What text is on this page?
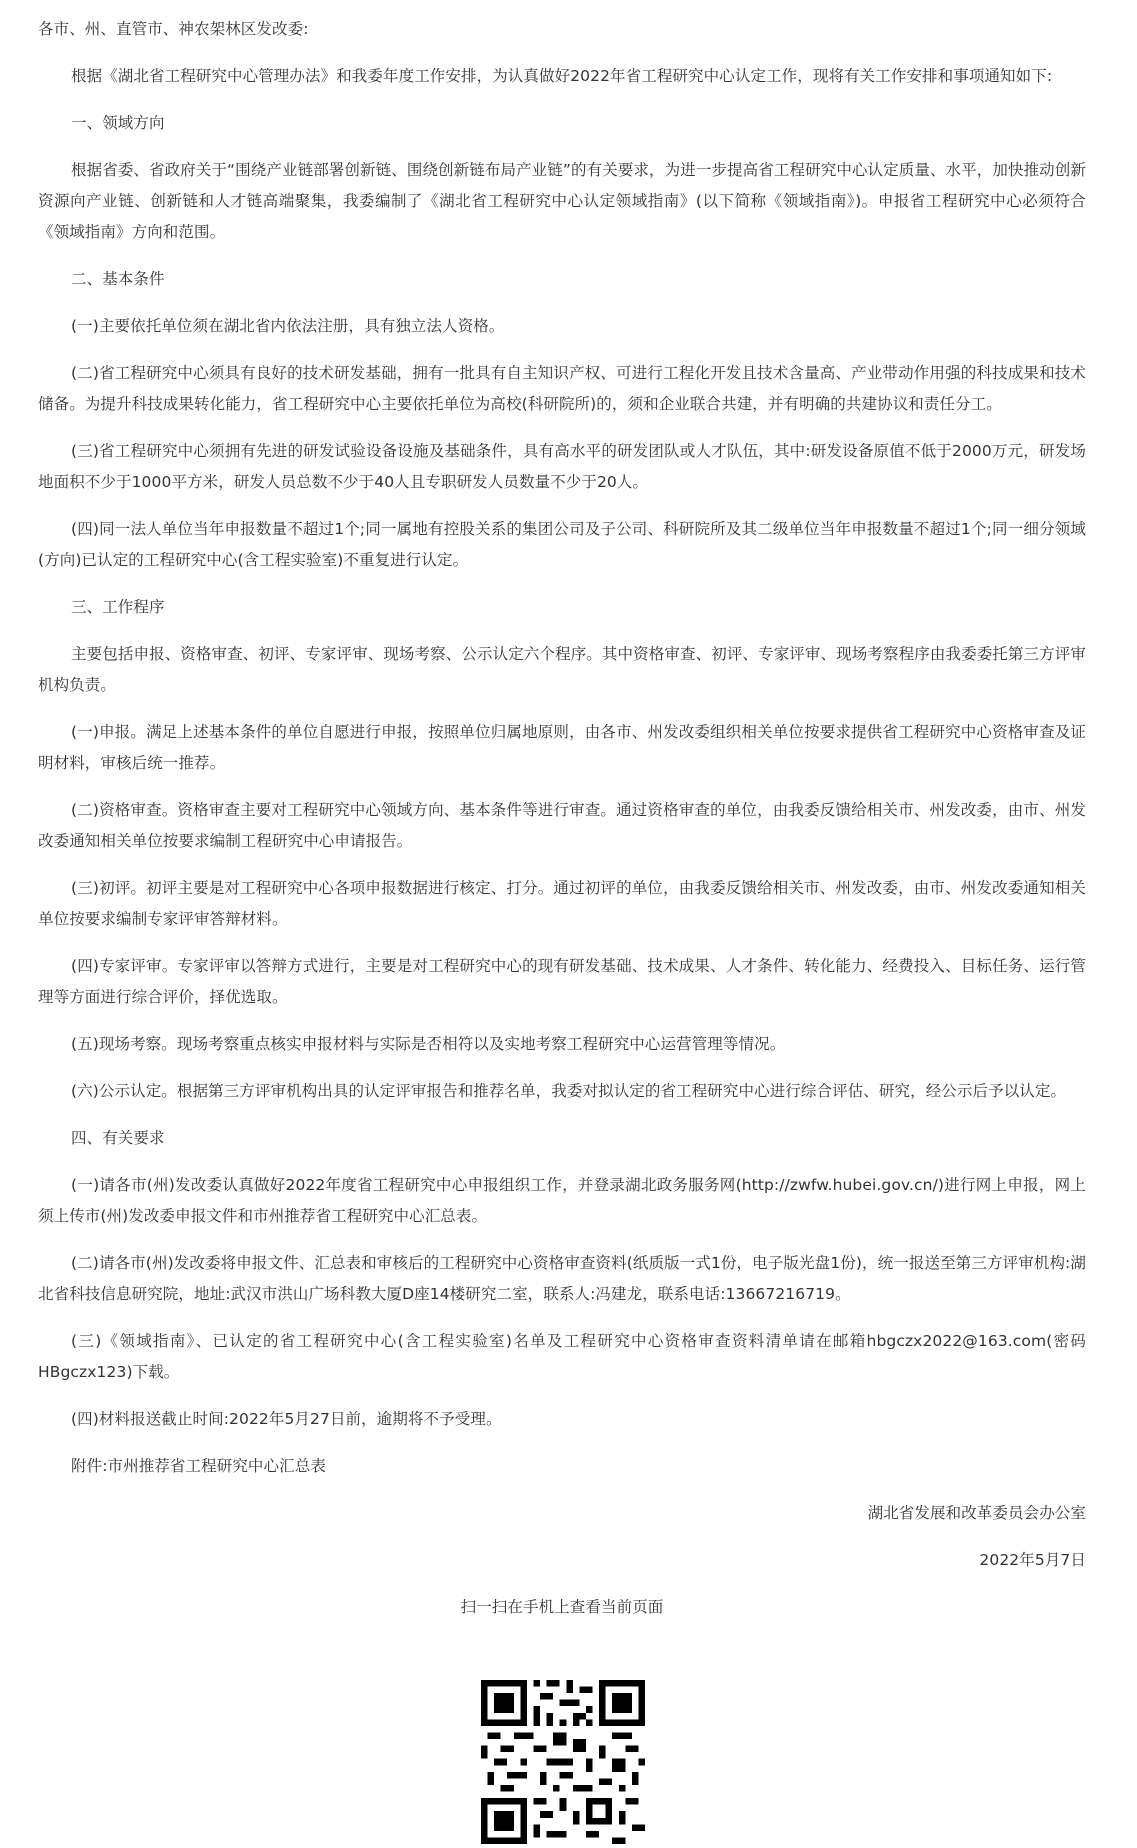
各市、州、直管市、神农架林区发改委:

根据《湖北省工程研究中心管理办法》和我委年度工作安排，为认真做好2022年省工程研究中心认定工作，现将有关工作安排和事项通知如下:

一、领域方向

根据省委、省政府关于“围绕产业链部署创新链、围绕创新链布局产业链”的有关要求，为进一步提高省工程研究中心认定质量、水平，加快推动创新资源向产业链、创新链和人才链高端聚集，我委编制了《湖北省工程研究中心认定领域指南》(以下简称《领域指南》)。申报省工程研究中心必须符合《领域指南》方向和范围。

二、基本条件

(一)主要依托单位须在湖北省内依法注册，具有独立法人资格。

(二)省工程研究中心须具有良好的技术研发基础，拥有一批具有自主知识产权、可进行工程化开发且技术含量高、产业带动作用强的科技成果和技术储备。为提升科技成果转化能力，省工程研究中心主要依托单位为高校(科研院所)的，须和企业联合共建，并有明确的共建协议和责任分工。

(三)省工程研究中心须拥有先进的研发试验设备设施及基础条件，具有高水平的研发团队或人才队伍，其中:研发设备原值不低于2000万元，研发场地面积不少于1000平方米，研发人员总数不少于40人且专职研发人员数量不少于20人。

(四)同一法人单位当年申报数量不超过1个;同一属地有控股关系的集团公司及子公司、科研院所及其二级单位当年申报数量不超过1个;同一细分领域(方向)已认定的工程研究中心(含工程实验室)不重复进行认定。

三、工作程序

主要包括申报、资格审查、初评、专家评审、现场考察、公示认定六个程序。其中资格审查、初评、专家评审、现场考察程序由我委委托第三方评审机构负责。

(一)申报。满足上述基本条件的单位自愿进行申报，按照单位归属地原则，由各市、州发改委组织相关单位按要求提供省工程研究中心资格审查及证明材料，审核后统一推荐。

(二)资格审查。资格审查主要对工程研究中心领域方向、基本条件等进行审查。通过资格审查的单位，由我委反馈给相关市、州发改委，由市、州发改委通知相关单位按要求编制工程研究中心申请报告。

(三)初评。初评主要是对工程研究中心各项申报数据进行核定、打分。通过初评的单位，由我委反馈给相关市、州发改委，由市、州发改委通知相关单位按要求编制专家评审答辩材料。

(四)专家评审。专家评审以答辩方式进行，主要是对工程研究中心的现有研发基础、技术成果、人才条件、转化能力、经费投入、目标任务、运行管理等方面进行综合评价，择优选取。

(五)现场考察。现场考察重点核实申报材料与实际是否相符以及实地考察工程研究中心运营管理等情况。

(六)公示认定。根据第三方评审机构出具的认定评审报告和推荐名单，我委对拟认定的省工程研究中心进行综合评估、研究，经公示后予以认定。

四、有关要求

(一)请各市(州)发改委认真做好2022年度省工程研究中心申报组织工作，并登录湖北政务服务网(http://zwfw.hubei.gov.cn/)进行网上申报，网上须上传市(州)发改委申报文件和市州推荐省工程研究中心汇总表。

(二)请各市(州)发改委将申报文件、汇总表和审核后的工程研究中心资格审查资料(纸质版一式1份，电子版光盘1份)，统一报送至第三方评审机构:湖北省科技信息研究院，地址:武汉市洪山广场科教大厦D座14楼研究二室，联系人:冯建龙，联系电话:13667216719。

(三)《领域指南》、已认定的省工程研究中心(含工程实验室)名单及工程研究中心资格审查资料清单请在邮箱hbgczx2022@163.com(密码HBgczx123)下载。

(四)材料报送截止时间:2022年5月27日前，逾期将不予受理。

附件:市州推荐省工程研究中心汇总表

湖北省发展和改革委员会办公室

2022年5月7日

扫一扫在手机上查看当前页面
